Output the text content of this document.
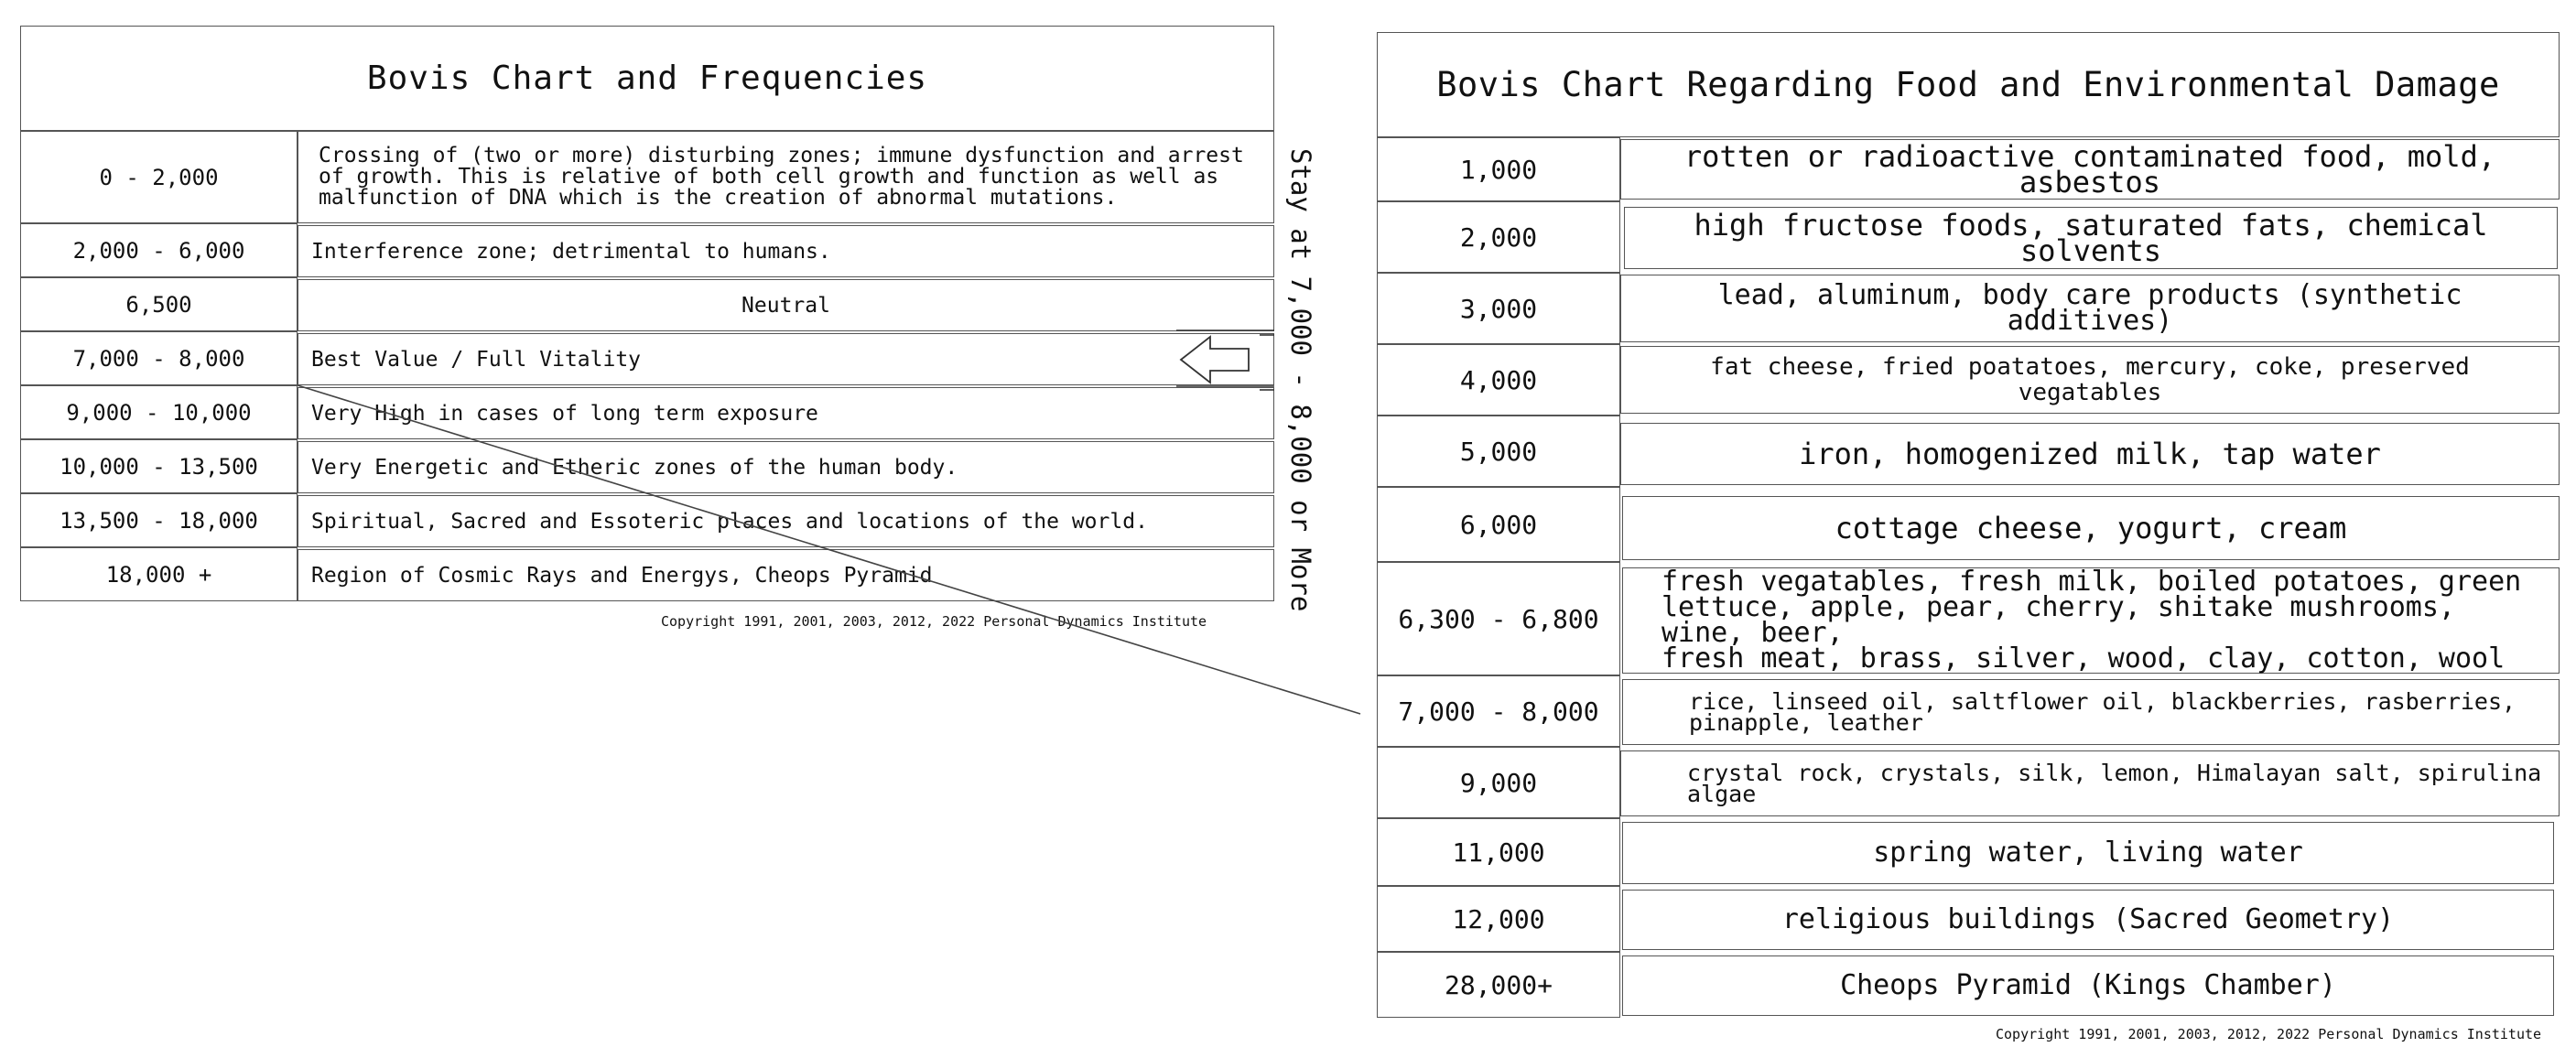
Bovis Chart and Frequencies
0 - 2,000
2,000 - 6,000
6,500
7,000 - 8,000
9,000 - 10,000
10,000 - 13,500
13,500 - 18,000
18,000 +
Crossing of (two or more) disturbing zones; immune dysfunction and arrest
of growth. This is relative of both cell growth and function as well as
malfunction of DNA which is the creation of abnormal mutations.
Interference zone; detrimental to humans.
Neutral
Best Value / Full Vitality
Very High in cases of long term exposure
Very Energetic and Etheric zones of the human body.
Spiritual, Sacred and Essoteric places and locations of the world.
Region of Cosmic Rays and Energys, Cheops Pyramid
Copyright 1991, 2001, 2003, 2012, 2022 Personal Dynamics Institute
Stay at 7,000 - 8,000 or More
Bovis Chart Regarding Food and Environmental Damage
1,000
2,000
3,000
4,000
5,000
6,000
6,300 - 6,800
7,000 - 8,000
9,000
11,000
12,000
28,000+
rotten or radioactive contaminated food, mold, asbestos
high fructose foods, saturated fats, chemical solvents
lead, aluminum, body care products (synthetic additives)
fat cheese, fried poatatoes, mercury, coke, preserved vegatables
iron, homogenized milk, tap water
cottage cheese, yogurt, cream
fresh vegatables, fresh milk, boiled potatoes, green
lettuce, apple, pear, cherry, shitake mushrooms, wine, beer,
fresh meat, brass, silver, wood, clay, cotton, wool
rice, linseed oil, saltflower oil, blackberries, rasberries,
pinapple, leather
crystal rock, crystals, silk, lemon, Himalayan salt, spirulina
algae
spring water, living water
religious buildings (Sacred Geometry)
Cheops Pyramid (Kings Chamber)
Copyright 1991, 2001, 2003, 2012, 2022 Personal Dynamics Institute
